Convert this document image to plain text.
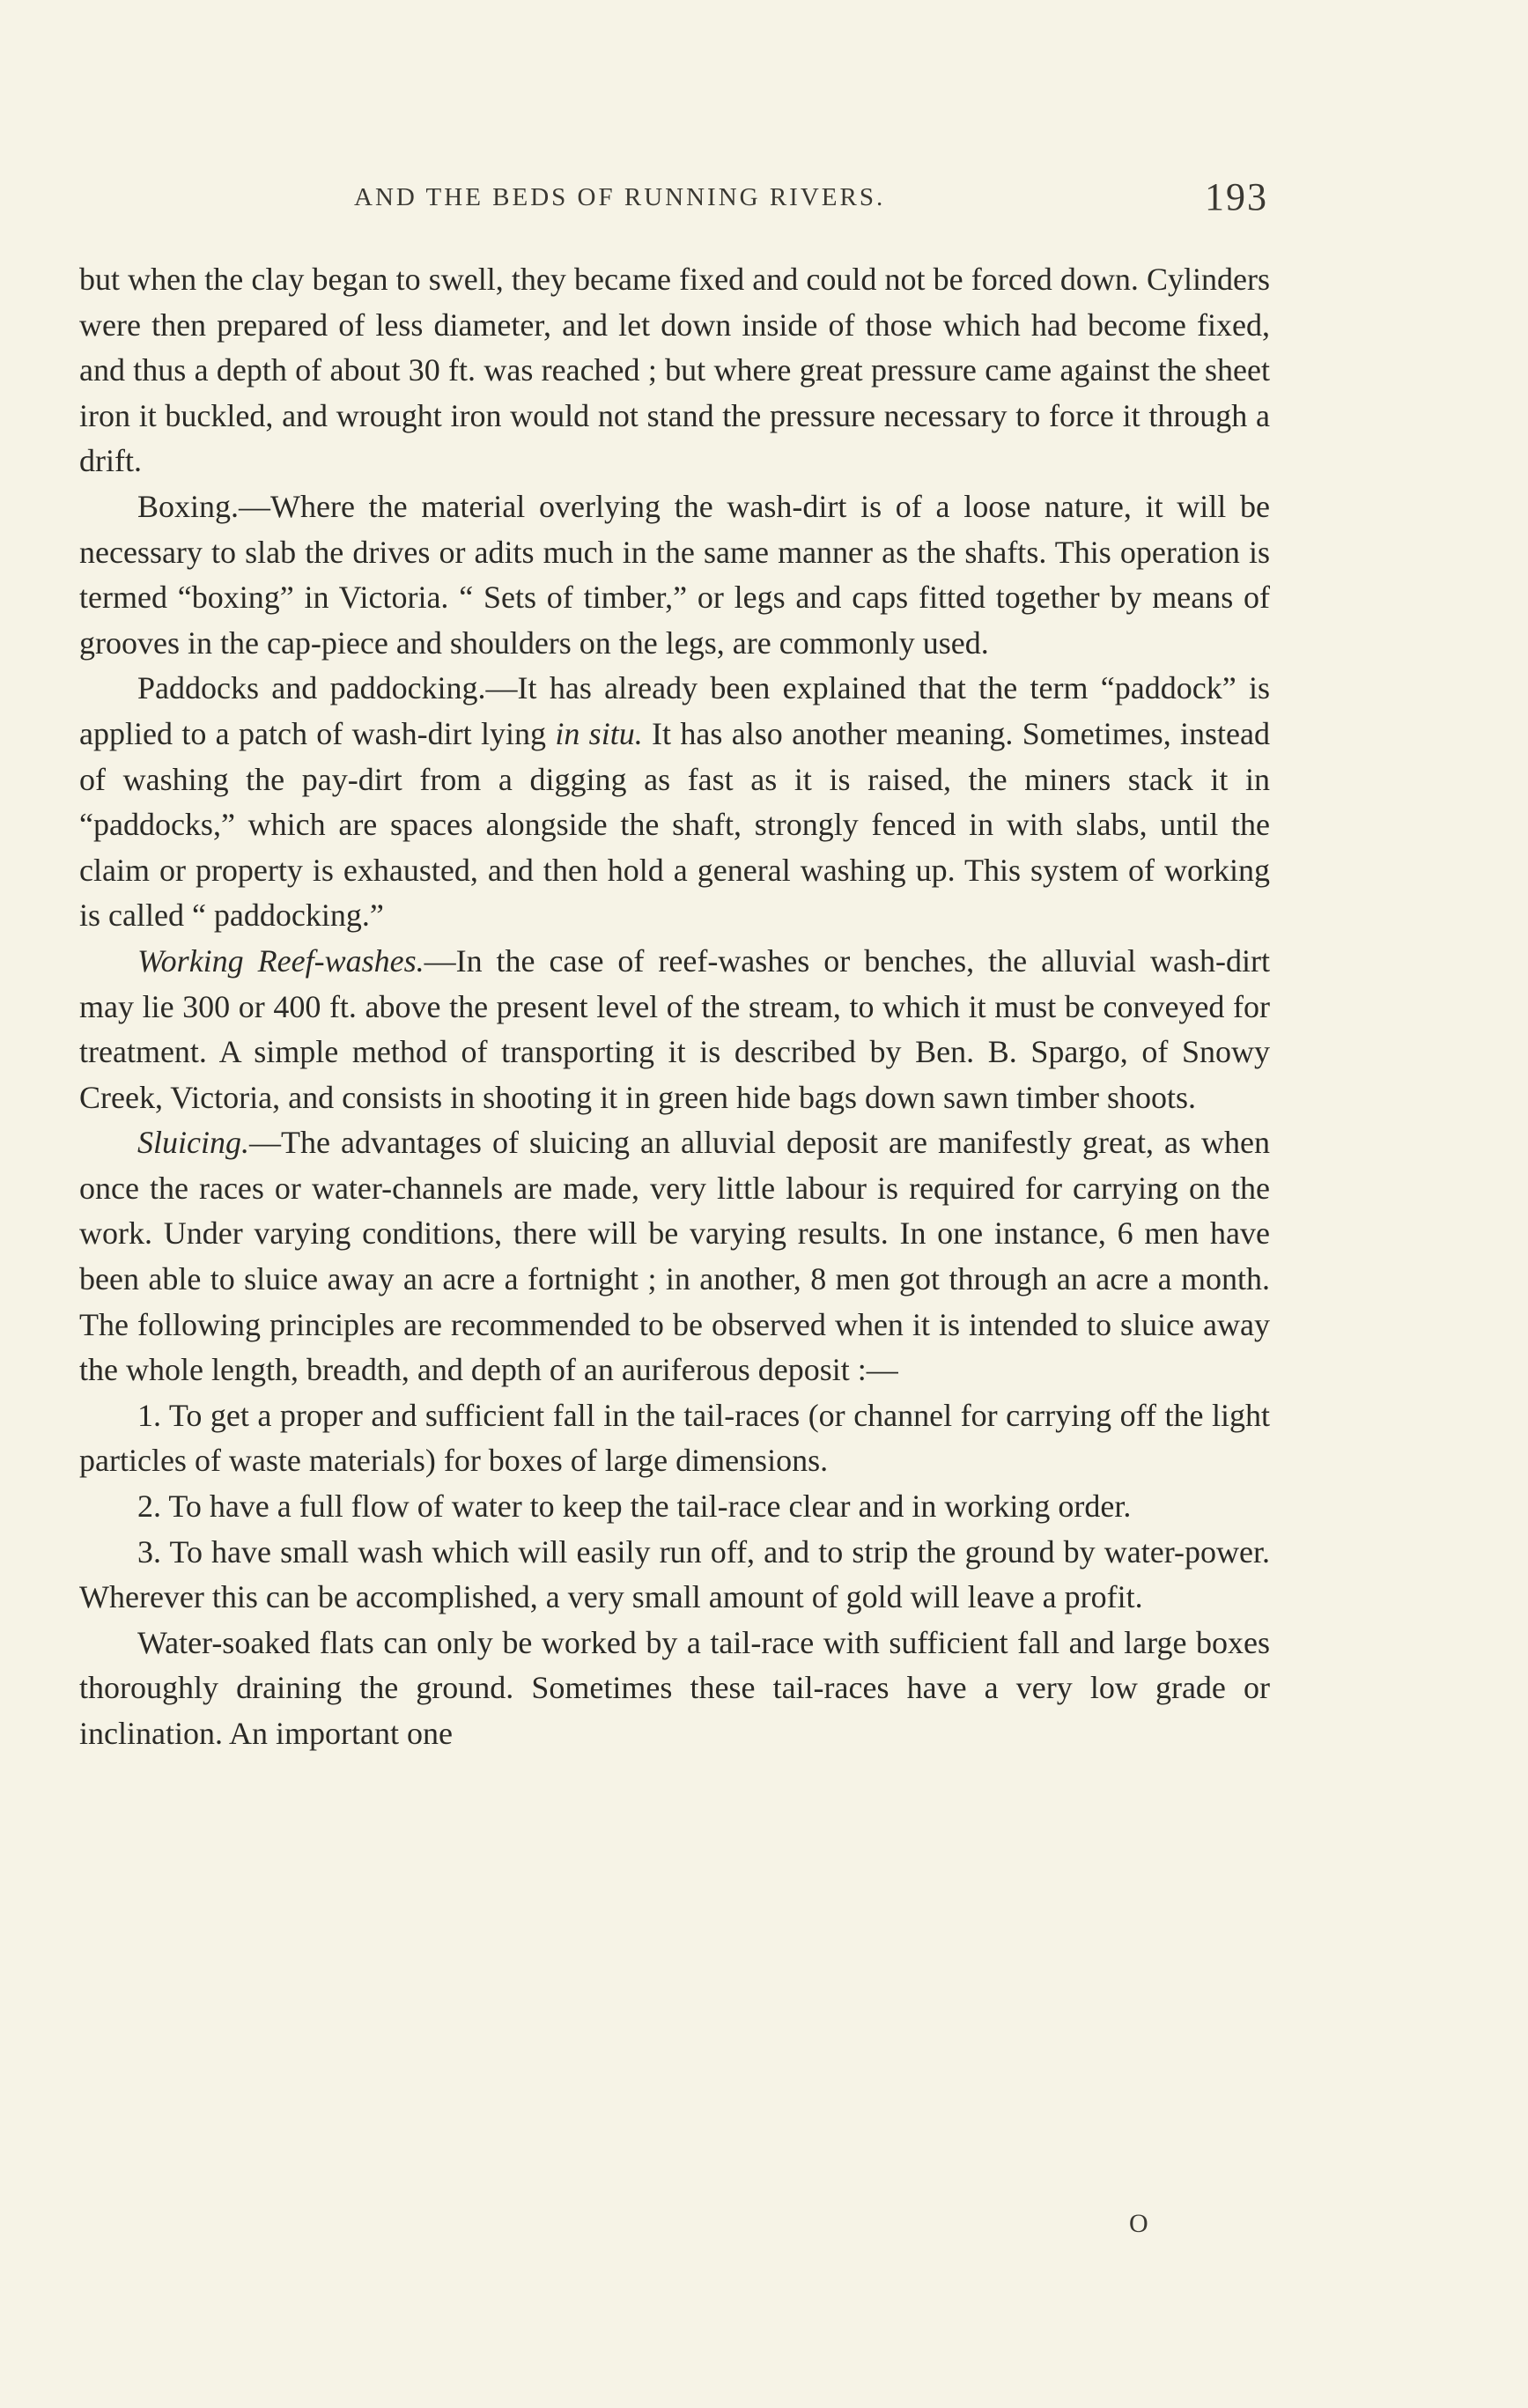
AND THE BEDS OF RUNNING RIVERS.	193

but when the clay began to swell, they became fixed and could not be forced down. Cylinders were then prepared of less diameter, and let down inside of those which had become fixed, and thus a depth of about 30 ft. was reached ; but where great pressure came against the sheet iron it buckled, and wrought iron would not stand the pressure necessary to force it through a drift.

Boxing.—Where the material overlying the wash-dirt is of a loose nature, it will be necessary to slab the drives or adits much in the same manner as the shafts. This operation is termed “boxing” in Victoria. “ Sets of timber,” or legs and caps fitted together by means of grooves in the cap-piece and shoulders on the legs, are commonly used.

Paddocks and paddocking.—It has already been explained that the term “paddock” is applied to a patch of wash-dirt lying in situ. It has also another meaning. Sometimes, instead of washing the pay-dirt from a digging as fast as it is raised, the miners stack it in “paddocks,” which are spaces alongside the shaft, strongly fenced in with slabs, until the claim or property is exhausted, and then hold a general washing up. This system of working is called “ paddocking.”

Working Reef-washes.—In the case of reef-washes or benches, the alluvial wash-dirt may lie 300 or 400 ft. above the present level of the stream, to which it must be conveyed for treatment. A simple method of transporting it is described by Ben. B. Spargo, of Snowy Creek, Victoria, and consists in shooting it in green hide bags down sawn timber shoots.

Sluicing.—The advantages of sluicing an alluvial deposit are manifestly great, as when once the races or water-channels are made, very little labour is required for carrying on the work. Under varying conditions, there will be varying results. In one instance, 6 men have been able to sluice away an acre a fortnight ; in another, 8 men got through an acre a month. The following principles are recommended to be observed when it is intended to sluice away the whole length, breadth, and depth of an auriferous deposit :—

1. To get a proper and sufficient fall in the tail-races (or channel for carrying off the light particles of waste materials) for boxes of large dimensions.

2. To have a full flow of water to keep the tail-race clear and in working order.

3. To have small wash which will easily run off, and to strip the ground by water-power. Wherever this can be accomplished, a very small amount of gold will leave a profit.

Water-soaked flats can only be worked by a tail-race with sufficient fall and large boxes thoroughly draining the ground. Sometimes these tail-races have a very low grade or inclination. An important one

O
